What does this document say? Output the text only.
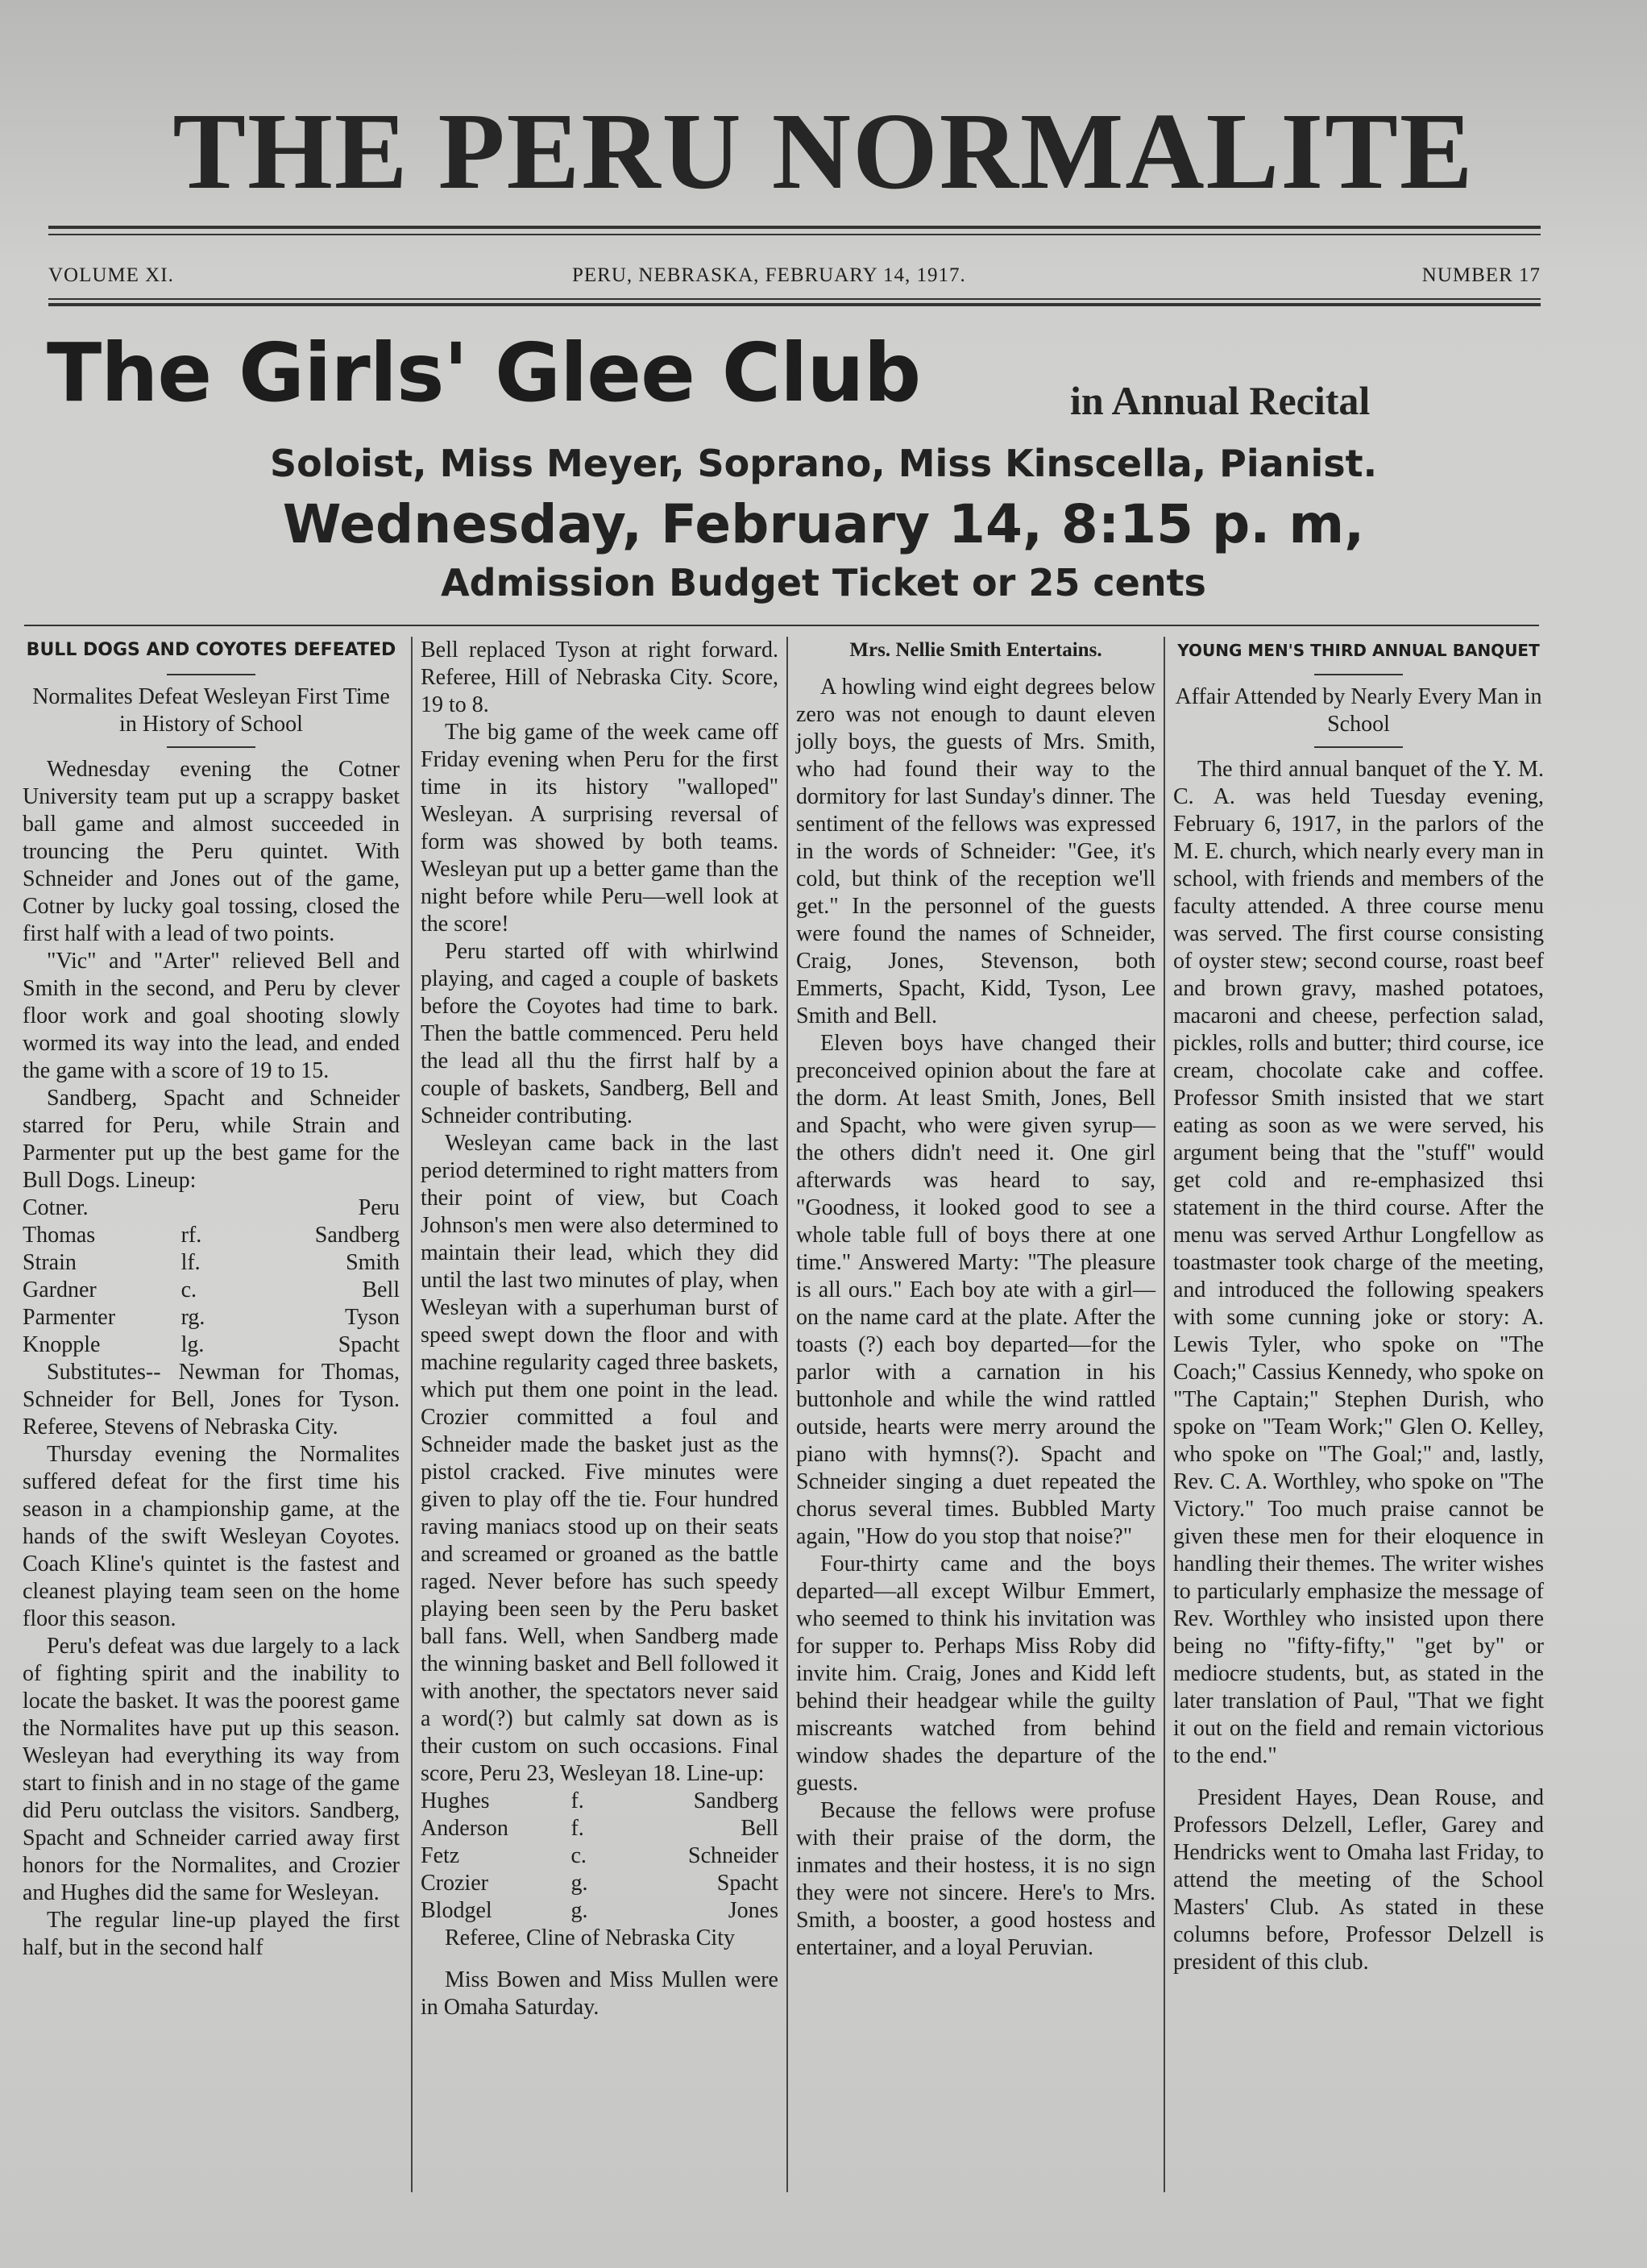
THE PERU NORMALITE
VOLUME XI.	PERU, NEBRASKA, FEBRUARY 14, 1917.	NUMBER 17
The Girls' Glee Club	in Annual Recital
Soloist, Miss Meyer, Soprano, Miss Kinscella, Pianist.
Wednesday, February 14, 8:15 p. m,
Admission Budget Ticket or 25 cents

BULL DOGS AND COYOTES DEFEATED

Normalites Defeat Wesleyan First Time in History of School

Wednesday evening the Cotner University team put up a scrappy basket ball game and almost succeeded in trouncing the Peru quintet. With Schneider and Jones out of the game, Cotner by lucky goal tossing, closed the first half with a lead of two points.

"Vic" and "Arter" relieved Bell and Smith in the second, and Peru by clever floor work and goal shooting slowly wormed its way into the lead, and ended the game with a score of 19 to 15.

Sandberg, Spacht and Schneider starred for Peru, while Strain and Parmenter put up the best game for the Bull Dogs. Lineup:

Cotner.	Peru
Thomas	rf.	Sandberg
Strain	lf.	Smith
Gardner	c.	Bell
Parmenter	rg.	Tyson
Knopple	lg.	Spacht

Substitutes-- Newman for Thomas, Schneider for Bell, Jones for Tyson. Referee, Stevens of Nebraska City.

Thursday evening the Normalites suffered defeat for the first time his season in a championship game, at the hands of the swift Wesleyan Coyotes. Coach Kline's quintet is the fastest and cleanest playing team seen on the home floor this season.

Peru's defeat was due largely to a lack of fighting spirit and the inability to locate the basket. It was the poorest game the Normalites have put up this season. Wesleyan had everything its way from start to finish and in no stage of the game did Peru outclass the visitors. Sandberg, Spacht and Schneider carried away first honors for the Normalites, and Crozier and Hughes did the same for Wesleyan.

The regular line-up played the first half, but in the second half

Bell replaced Tyson at right forward. Referee, Hill of Nebraska City. Score, 19 to 8.

The big game of the week came off Friday evening when Peru for the first time in its history "walloped" Wesleyan. A surprising reversal of form was showed by both teams. Wesleyan put up a better game than the night before while Peru—well look at the score!

Peru started off with whirlwind playing, and caged a couple of baskets before the Coyotes had time to bark. Then the battle commenced. Peru held the lead all thu the firrst half by a couple of baskets, Sandberg, Bell and Schneider contributing.

Wesleyan came back in the last period determined to right matters from their point of view, but Coach Johnson's men were also determined to maintain their lead, which they did until the last two minutes of play, when Wesleyan with a superhuman burst of speed swept down the floor and with machine regularity caged three baskets, which put them one point in the lead. Crozier committed a foul and Schneider made the basket just as the pistol cracked. Five minutes were given to play off the tie. Four hundred raving maniacs stood up on their seats and screamed or groaned as the battle raged. Never before has such speedy playing been seen by the Peru basket ball fans. Well, when Sandberg made the winning basket and Bell followed it with another, the spectators never said a word(?) but calmly sat down as is their custom on such occasions. Final score, Peru 23, Wesleyan 18. Line-up:

Hughes	f.	Sandberg
Anderson	f.	Bell
Fetz	c.	Schneider
Crozier	g.	Spacht
Blodgel	g.	Jones

Referee, Cline of Nebraska City

Miss Bowen and Miss Mullen were in Omaha Saturday.

Mrs. Nellie Smith Entertains.

A howling wind eight degrees below zero was not enough to daunt eleven jolly boys, the guests of Mrs. Smith, who had found their way to the dormitory for last Sunday's dinner. The sentiment of the fellows was expressed in the words of Schneider: "Gee, it's cold, but think of the reception we'll get." In the personnel of the guests were found the names of Schneider, Craig, Jones, Stevenson, both Emmerts, Spacht, Kidd, Tyson, Lee Smith and Bell.

Eleven boys have changed their preconceived opinion about the fare at the dorm. At least Smith, Jones, Bell and Spacht, who were given syrup—the others didn't need it. One girl afterwards was heard to say, "Goodness, it looked good to see a whole table full of boys there at one time." Answered Marty: "The pleasure is all ours." Each boy ate with a girl—on the name card at the plate. After the toasts (?) each boy departed—for the parlor with a carnation in his buttonhole and while the wind rattled outside, hearts were merry around the piano with hymns(?). Spacht and Schneider singing a duet repeated the chorus several times. Bubbled Marty again, "How do you stop that noise?"

Four-thirty came and the boys departed—all except Wilbur Emmert, who seemed to think his invitation was for supper to. Perhaps Miss Roby did invite him. Craig, Jones and Kidd left behind their headgear while the guilty miscreants watched from behind window shades the departure of the guests.

Because the fellows were profuse with their praise of the dorm, the inmates and their hostess, it is no sign they were not sincere. Here's to Mrs. Smith, a booster, a good hostess and entertainer, and a loyal Peruvian.

YOUNG MEN'S THIRD ANNUAL BANQUET

Affair Attended by Nearly Every Man in School

The third annual banquet of the Y. M. C. A. was held Tuesday evening, February 6, 1917, in the parlors of the M. E. church, which nearly every man in school, with friends and members of the faculty attended. A three course menu was served. The first course consisting of oyster stew; second course, roast beef and brown gravy, mashed potatoes, macaroni and cheese, perfection salad, pickles, rolls and butter; third course, ice cream, chocolate cake and coffee. Professor Smith insisted that we start eating as soon as we were served, his argument being that the "stuff" would get cold and re-emphasized thsi statement in the third course. After the menu was served Arthur Longfellow as toastmaster took charge of the meeting, and introduced the following speakers with some cunning joke or story: A. Lewis Tyler, who spoke on "The Coach;" Cassius Kennedy, who spoke on "The Captain;" Stephen Durish, who spoke on "Team Work;" Glen O. Kelley, who spoke on "The Goal;" and, lastly, Rev. C. A. Worthley, who spoke on "The Victory." Too much praise cannot be given these men for their eloquence in handling their themes. The writer wishes to particularly emphasize the message of Rev. Worthley who insisted upon there being no "fifty-fifty," "get by" or mediocre students, but, as stated in the later translation of Paul, "That we fight it out on the field and remain victorious to the end."

President Hayes, Dean Rouse, and Professors Delzell, Lefler, Garey and Hendricks went to Omaha last Friday, to attend the meeting of the School Masters' Club. As stated in these columns before, Professor Delzell is president of this club.
